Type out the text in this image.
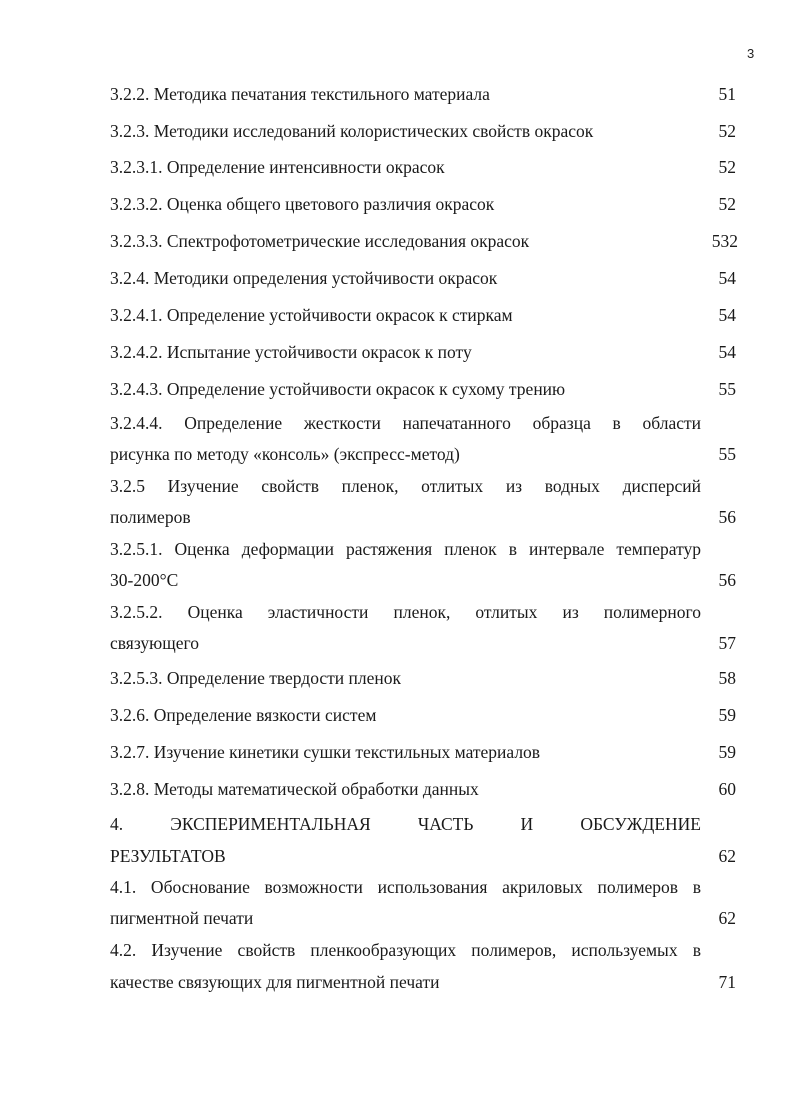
3
3.2.2. Методика печатания текстильного материала	51
3.2.3. Методики исследований колористических свойств окрасок	52
3.2.3.1. Определение интенсивности окрасок	52
3.2.3.2. Оценка общего цветового различия окрасок	52
3.2.3.3. Спектрофотометрические исследования окрасок	532
3.2.4. Методики определения устойчивости окрасок	54
3.2.4.1. Определение устойчивости окрасок к стиркам	54
3.2.4.2. Испытание устойчивости окрасок к поту	54
3.2.4.3. Определение устойчивости окрасок к сухому трению	55
3.2.4.4. Определение жесткости напечатанного образца в области
рисунка по методу «консоль» (экспресс-метод)	55
3.2.5 Изучение свойств пленок, отлитых из водных дисперсий
полимеров	56
3.2.5.1. Оценка деформации растяжения пленок в интервале температур
30-200°С	56
3.2.5.2. Оценка эластичности пленок, отлитых из полимерного
связующего	57
3.2.5.3. Определение твердости пленок	58
3.2.6. Определение вязкости систем	59
3.2.7. Изучение кинетики сушки текстильных материалов	59
3.2.8. Методы математической обработки данных	60
4. ЭКСПЕРИМЕНТАЛЬНАЯ ЧАСТЬ И ОБСУЖДЕНИЕ
РЕЗУЛЬТАТОВ	62
4.1. Обоснование возможности использования акриловых полимеров в
пигментной печати	62
4.2. Изучение свойств пленкообразующих полимеров, используемых в
качестве связующих для пигментной печати	71
